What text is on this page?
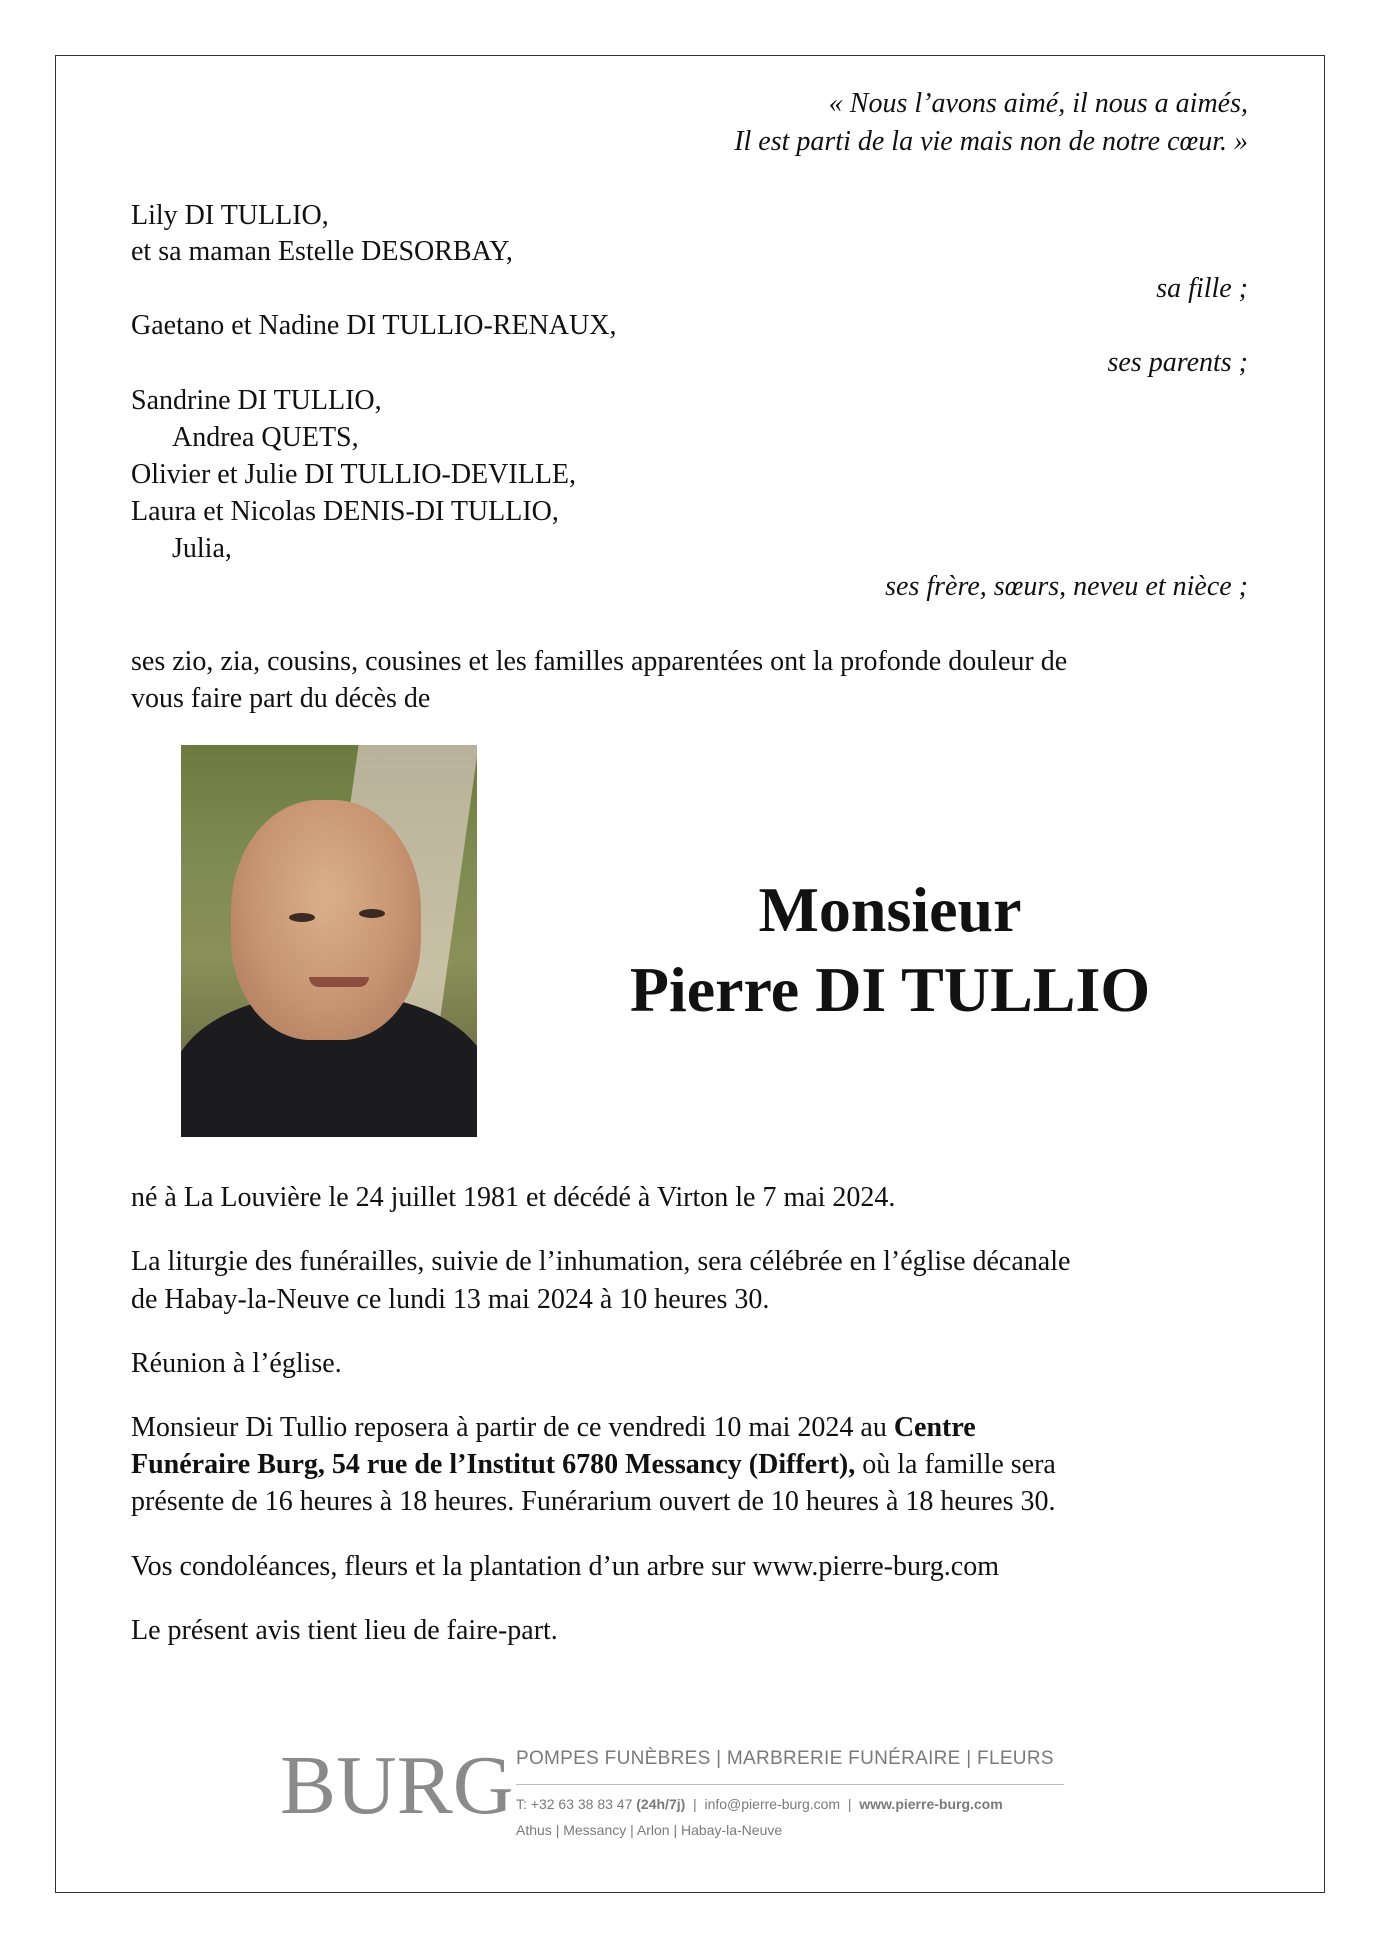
« Nous l’avons aimé, il nous a aimés,
Il est parti de la vie mais non de notre cœur. »
Lily DI TULLIO,
et sa maman Estelle DESORBAY,
sa fille ;
Gaetano et Nadine DI TULLIO-RENAUX,
ses parents ;
Sandrine DI TULLIO,
Andrea QUETS,
Olivier et Julie DI TULLIO-DEVILLE,
Laura et Nicolas DENIS-DI TULLIO,
Julia,
ses frère, sœurs, neveu et nièce ;
ses zio, zia, cousins, cousines et les familles apparentées ont la profonde douleur de
vous faire part du décès de
Monsieur
Pierre DI TULLIO
né à La Louvière le 24 juillet 1981 et décédé à Virton le 7 mai 2024.
La liturgie des funérailles, suivie de l’inhumation, sera célébrée en l’église décanale
de Habay-la-Neuve ce lundi 13 mai 2024 à 10 heures 30.
Réunion à l’église.
Monsieur Di Tullio reposera à partir de ce vendredi 10 mai 2024 au Centre
Funéraire Burg, 54 rue de l’Institut 6780 Messancy (Differt), où la famille sera
présente de 16 heures à 18 heures. Funérarium ouvert de 10 heures à 18 heures 30.
Vos condoléances, fleurs et la plantation d’un arbre sur www.pierre-burg.com
Le présent avis tient lieu de faire-part.
BURG POMPES FUNÈBRES | MARBRERIE FUNÉRAIRE | FLEURS
T: +32 63 38 83 47 (24h/7j)  |  info@pierre-burg.com  |  www.pierre-burg.com
Athus | Messancy | Arlon | Habay-la-Neuve
